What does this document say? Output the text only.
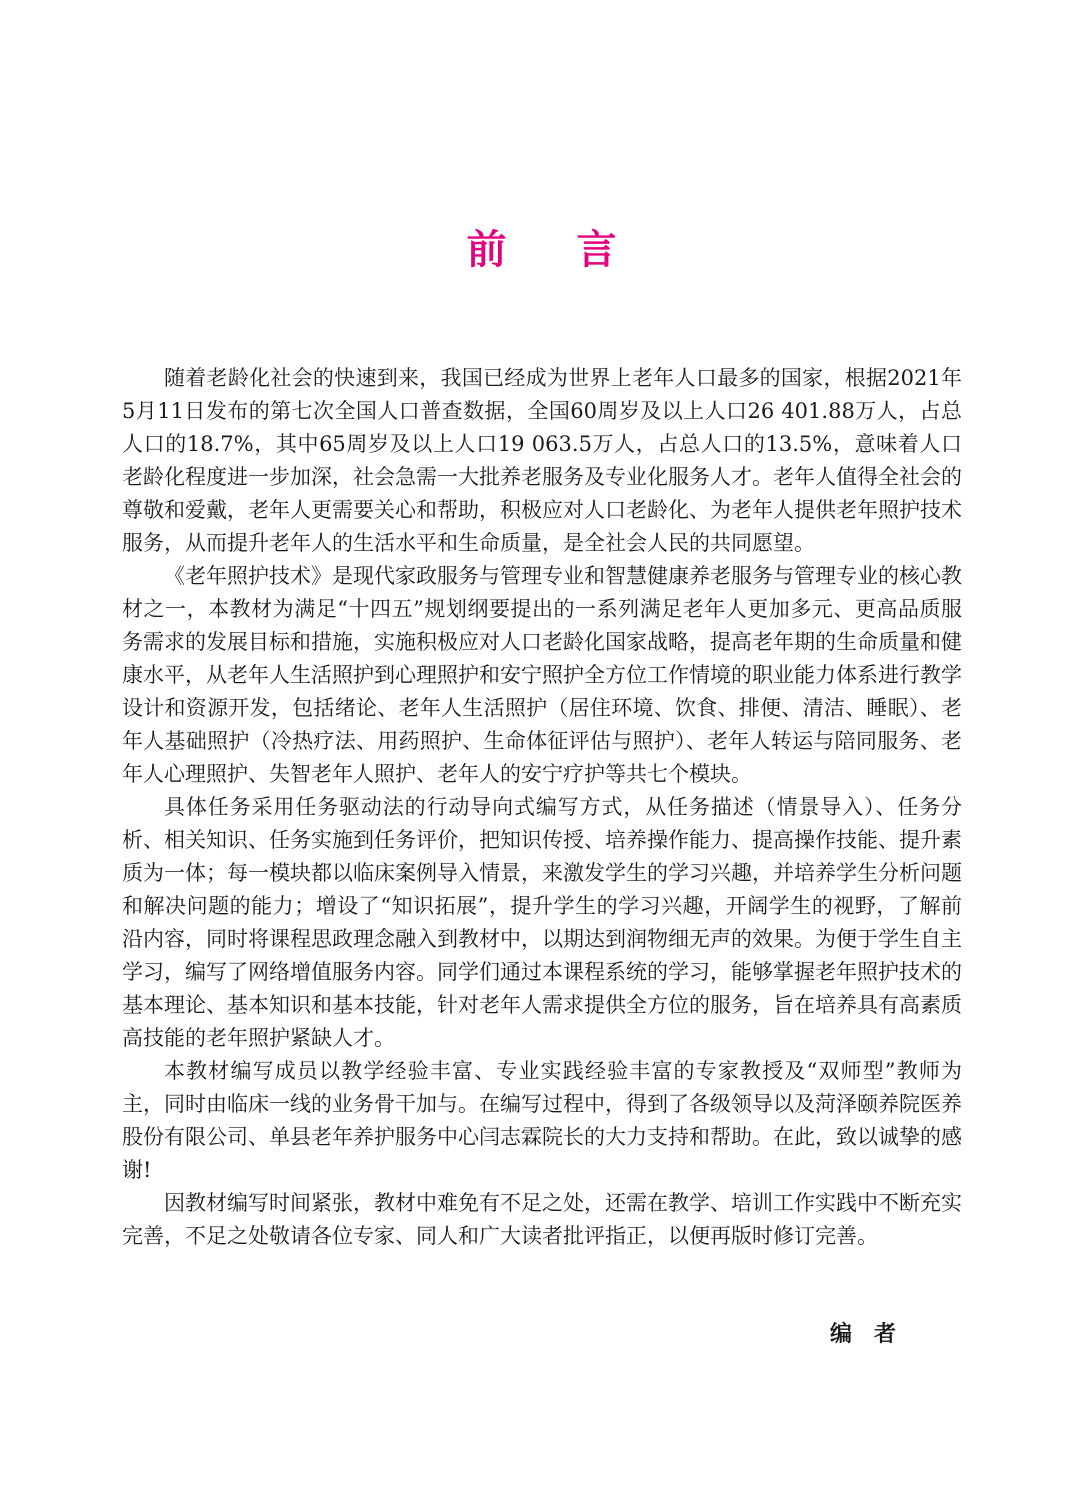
前言

随着老龄化社会的快速到来，我国已经成为世界上老年人口最多的国家，根据2021年5月11日发布的第七次全国人口普查数据，全国60周岁及以上人口26 401.88万人，占总人口的18.7%，其中65周岁及以上人口19 063.5万人，占总人口的13.5%，意味着人口老龄化程度进一步加深，社会急需一大批养老服务及专业化服务人才。老年人值得全社会的尊敬和爱戴，老年人更需要关心和帮助，积极应对人口老龄化、为老年人提供老年照护技术服务，从而提升老年人的生活水平和生命质量，是全社会人民的共同愿望。

《老年照护技术》是现代家政服务与管理专业和智慧健康养老服务与管理专业的核心教材之一，本教材为满足“十四五”规划纲要提出的一系列满足老年人更加多元、更高品质服务需求的发展目标和措施，实施积极应对人口老龄化国家战略，提高老年期的生命质量和健康水平，从老年人生活照护到心理照护和安宁照护全方位工作情境的职业能力体系进行教学设计和资源开发，包括绪论、老年人生活照护（居住环境、饮食、排便、清洁、睡眠）、老年人基础照护（冷热疗法、用药照护、生命体征评估与照护）、老年人转运与陪同服务、老年人心理照护、失智老年人照护、老年人的安宁疗护等共七个模块。

具体任务采用任务驱动法的行动导向式编写方式，从任务描述（情景导入）、任务分析、相关知识、任务实施到任务评价，把知识传授、培养操作能力、提高操作技能、提升素质为一体；每一模块都以临床案例导入情景，来激发学生的学习兴趣，并培养学生分析问题和解决问题的能力；增设了“知识拓展”，提升学生的学习兴趣，开阔学生的视野，了解前沿内容，同时将课程思政理念融入到教材中，以期达到润物细无声的效果。为便于学生自主学习，编写了网络增值服务内容。同学们通过本课程系统的学习，能够掌握老年照护技术的基本理论、基本知识和基本技能，针对老年人需求提供全方位的服务，旨在培养具有高素质高技能的老年照护紧缺人才。

本教材编写成员以教学经验丰富、专业实践经验丰富的专家教授及“双师型”教师为主，同时由临床一线的业务骨干加与。在编写过程中，得到了各级领导以及菏泽颐养院医养股份有限公司、单县老年养护服务中心闫志霖院长的大力支持和帮助。在此，致以诚挚的感谢!

因教材编写时间紧张，教材中难免有不足之处，还需在教学、培训工作实践中不断充实完善，不足之处敬请各位专家、同人和广大读者批评指正，以便再版时修订完善。

编者
